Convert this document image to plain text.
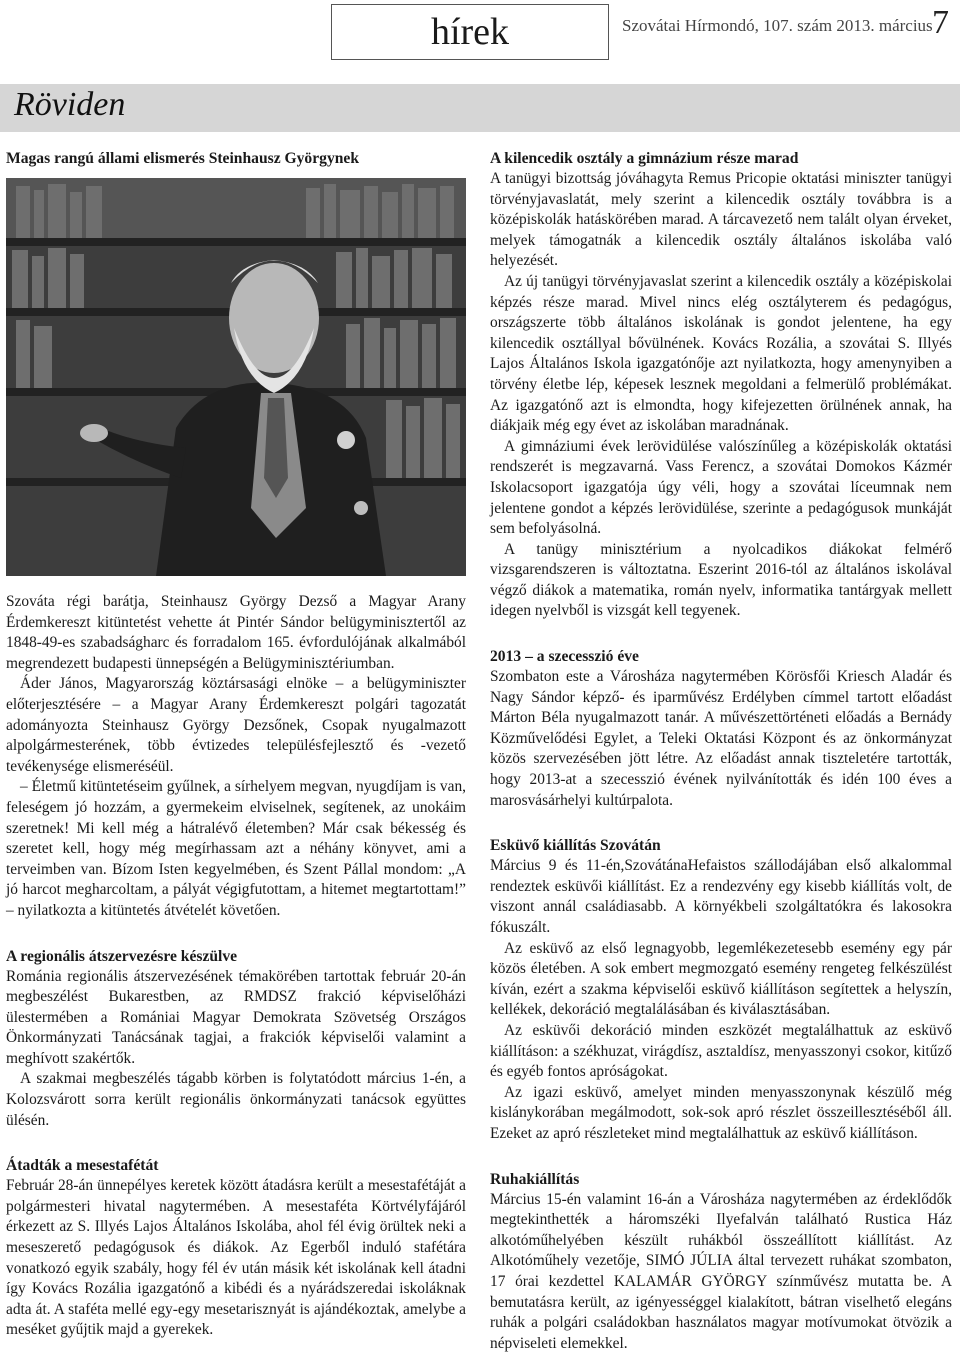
hírek	Szovátai Hírmondó, 107. szám 2013. március 7
Röviden
Magas rangú állami elismerés Steinhausz Györgynek

Szováta régi barátja, Steinhausz György Dezső a Magyar Arany Érdemkereszt kitüntetést vehette át Pintér Sándor belügyminisztertől az 1848-49-es szabadságharc és forradalom 165. évfordulójának alkalmából megrendezett budapesti ünnepségén a Belügyminisztériumban.

Áder János, Magyarország köztársasági elnöke – a belügyminiszter előterjesztésére – a Magyar Arany Érdemkereszt polgári tagozatát adományozta Steinhausz György Dezsőnek, Csopak nyugalmazott alpolgármesterének, több évtizedes településfejlesztő és -vezető tevékenysége elismeréséül.

– Életmű kitüntetéseim gyűlnek, a sírhelyem megvan, nyugdíjam is van, feleségem jó hozzám, a gyermekeim elviselnek, segítenek, az unokáim szeretnek! Mi kell még a hátralévő életemben? Már csak békesség és szeretet kell, hogy még megírhassam azt a néhány könyvet, ami a terveimben van. Bízom Isten kegyelmében, és Szent Pállal mondom: „A jó harcot megharcoltam, a pályát végigfutottam, a hitemet megtartottam!” – nyilatkozta a kitüntetés átvételét követően.

A regionális átszervezésre készülve

Románia regionális átszervezésének témakörében tartottak február 20-án megbeszélést Bukarestben, az RMDSZ frakció képviselőházi ülestermében a Romániai Magyar Demokrata Szövetség Országos Önkormányzati Tanácsának tagjai, a frakciók képviselői valamint a meghívott szakértők.

A szakmai megbeszélés tágabb körben is folytatódott március 1-én, a Kolozsvárott sorra került regionális önkormányzati tanácsok együttes ülésén.

Átadták a mesestafétát

Február 28-án ünnepélyes keretek között átadásra került a mesestafétáját a polgármesteri hivatal nagytermében. A mesestaféta Körtvélyfájáról érkezett az S. Illyés Lajos Általános Iskolába, ahol fél évig örültek neki a meseszerető pedagógusok és diákok. Az Egerből induló stafétára vonatkozó egyik szabály, hogy fél év után másik két iskolának kell átadni így Kovács Rozália igazgatónő a kibédi és a nyárádszeredai iskoláknak adta át. A staféta mellé egy-egy mesetarisznyát is ajándékoztak, amelybe a meséket gyűjtik majd a gyerekek.

A kilencedik osztály a gimnázium része marad

A tanügyi bizottság jóváhagyta Remus Pricopie oktatási miniszter tanügyi törvényjavaslatát, mely szerint a kilencedik osztály továbbra is a középiskolák hatáskörében marad. A tárcavezető nem talált olyan érveket, melyek támogatnák a kilencedik osztály általános iskolába való helyezését.

Az új tanügyi törvényjavaslat szerint a kilencedik osztály a középiskolai képzés része marad. Mivel nincs elég osztályterem és pedagógus, országszerte több általános iskolának is gondot jelentene, ha egy kilencedik osztállyal bővülnének. Kovács Rozália, a szovátai S. Illyés Lajos Általános Iskola igazgatónője azt nyilatkozta, hogy amenynyiben a törvény életbe lép, képesek lesznek megoldani a felmerülő problémákat. Az igazgatónő azt is elmondta, hogy kifejezetten örülnének annak, ha diákjaik még egy évet az iskolában maradnának.

A gimnáziumi évek lerövidülése valószínűleg a középiskolák oktatási rendszerét is megzavarná. Vass Ferencz, a szovátai Domokos Kázmér Iskolacsoport igazgatója úgy véli, hogy a szovátai líceumnak nem jelentene gondot a képzés lerövidülése, szerinte a pedagógusok munkáját sem befolyásolná.

A tanügy minisztérium a nyolcadikos diákokat felmérő vizsgarendszeren is változtatna. Eszerint 2016-tól az általános iskolával végző diákok a matematika, román nyelv, informatika tantárgyak mellett idegen nyelvből is vizsgát kell tegyenek.

2013 – a szecesszió éve

Szombaton este a Városháza nagytermében Körösfői Kriesch Aladár és Nagy Sándor képző- és iparművész Erdélyben címmel tartott előadást Márton Béla nyugalmazott tanár. A művészettörténeti előadás a Bernády Közművelődési Egylet, a Teleki Oktatási Központ és az önkormányzat közös szervezésében jött létre. Az előadást annak tiszteletére tartották, hogy 2013-at a szecesszió évének nyilvánították és idén 100 éves a marosvásárhelyi kultúrpalota.

Esküvő kiállítás Szovátán

Március 9 és 11-én,SzovátánaHefaistos szállodájában első alkalommal rendeztek esküvői kiállítást. Ez a rendezvény egy kisebb kiállítás volt, de viszont annál családiasabb. A környékbeli szolgáltatókra és lakosokra fókuszált.

Az esküvő az első legnagyobb, legemlékezetesebb esemény egy pár közös életében. A sok embert megmozgató esemény rengeteg felkészülést kíván, ezért a szakma képviselői esküvő kiállításon segítettek a helyszín, kellékek, dekoráció megtalálásában és kiválasztásában.

Az esküvői dekoráció minden eszközét megtalálhattuk az esküvő kiállításon: a székhuzat, virágdísz, asztaldísz, menyasszonyi csokor, kitűző és egyéb fontos apróságokat.

Az igazi esküvő, amelyet minden menyasszonynak készülő még kislánykorában megálmodott, sok-sok apró részlet összeillesztéséből áll. Ezeket az apró részleteket mind megtalálhattuk az esküvő kiállításon.

Ruhakiállítás

Március 15-én valamint 16-án a Városháza nagytermében az érdeklődők megtekinthették a háromszéki Ilyefalván található Rustica Ház alkotóműhelyében készült ruhákból összeállított kiállítást. Az Alkotóműhely vezetője, SIMÓ JÚLIA által tervezett ruhákat szombaton, 17 órai kezdettel KALAMÁR GYÖRGY színművész mutatta be. A bemutatásra került, az igényességgel kialakított, bátran viselhető elegáns ruhák a polgári családokban használatos magyar motívumokat ötvözik a népviseleti elemekkel.
